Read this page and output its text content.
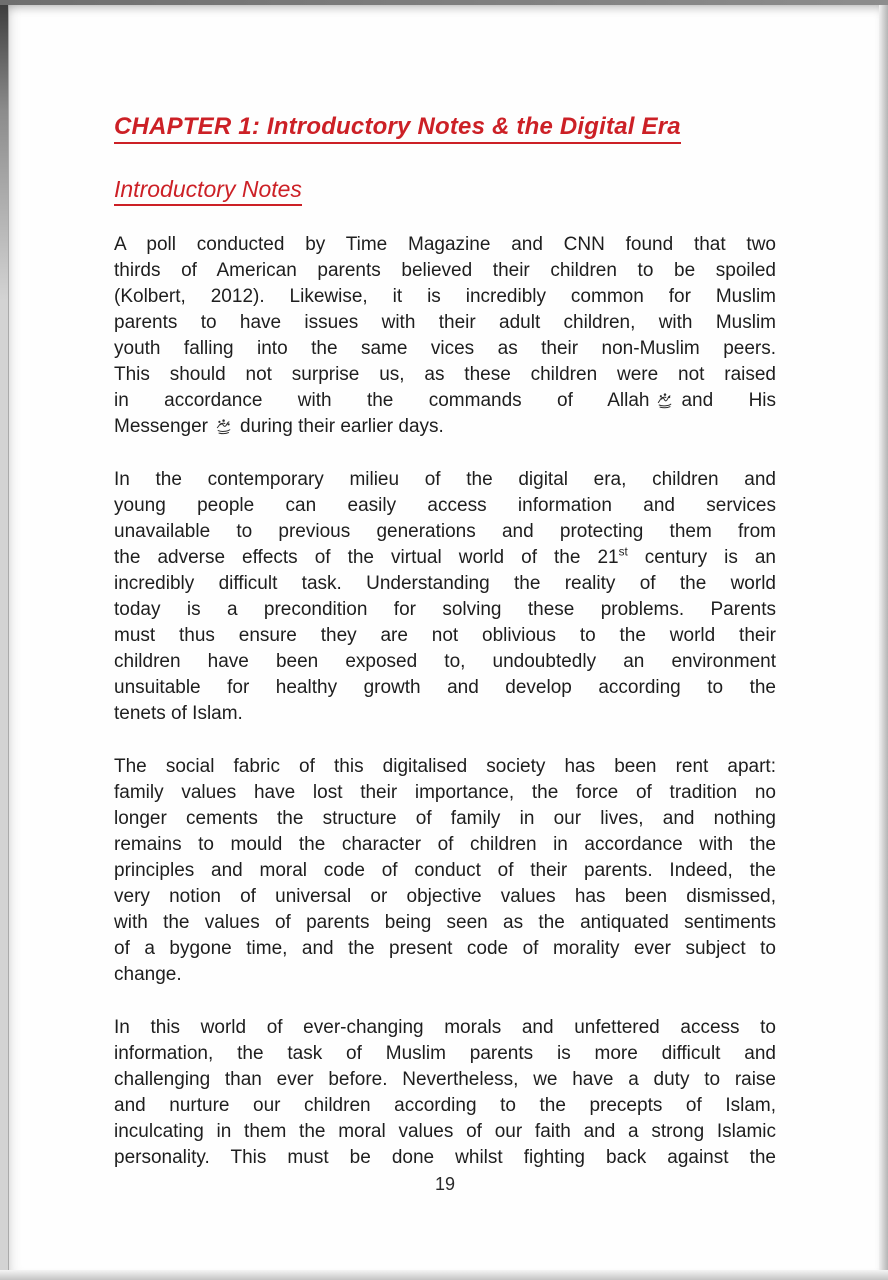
CHAPTER 1: Introductory Notes & the Digital Era
Introductory Notes
A poll conducted by Time Magazine and CNN found that two
thirds of American parents believed their children to be spoiled
(Kolbert, 2012). Likewise, it is incredibly common for Muslim
parents to have issues with their adult children, with Muslim
youth falling into the same vices as their non-Muslim peers.
This should not surprise us, as these children were not raised
in accordance with the commands of Allah and His
Messenger during their earlier days.
In the contemporary milieu of the digital era, children and
young people can easily access information and services
unavailable to previous generations and protecting them from
the adverse effects of the virtual world of the 21st century is an
incredibly difficult task. Understanding the reality of the world
today is a precondition for solving these problems. Parents
must thus ensure they are not oblivious to the world their
children have been exposed to, undoubtedly an environment
unsuitable for healthy growth and develop according to the
tenets of Islam.
The social fabric of this digitalised society has been rent apart:
family values have lost their importance, the force of tradition no
longer cements the structure of family in our lives, and nothing
remains to mould the character of children in accordance with the
principles and moral code of conduct of their parents. Indeed, the
very notion of universal or objective values has been dismissed,
with the values of parents being seen as the antiquated sentiments
of a bygone time, and the present code of morality ever subject to
change.
In this world of ever-changing morals and unfettered access to
information, the task of Muslim parents is more difficult and
challenging than ever before. Nevertheless, we have a duty to raise
and nurture our children according to the precepts of Islam,
inculcating in them the moral values of our faith and a strong Islamic
personality. This must be done whilst fighting back against the
19
